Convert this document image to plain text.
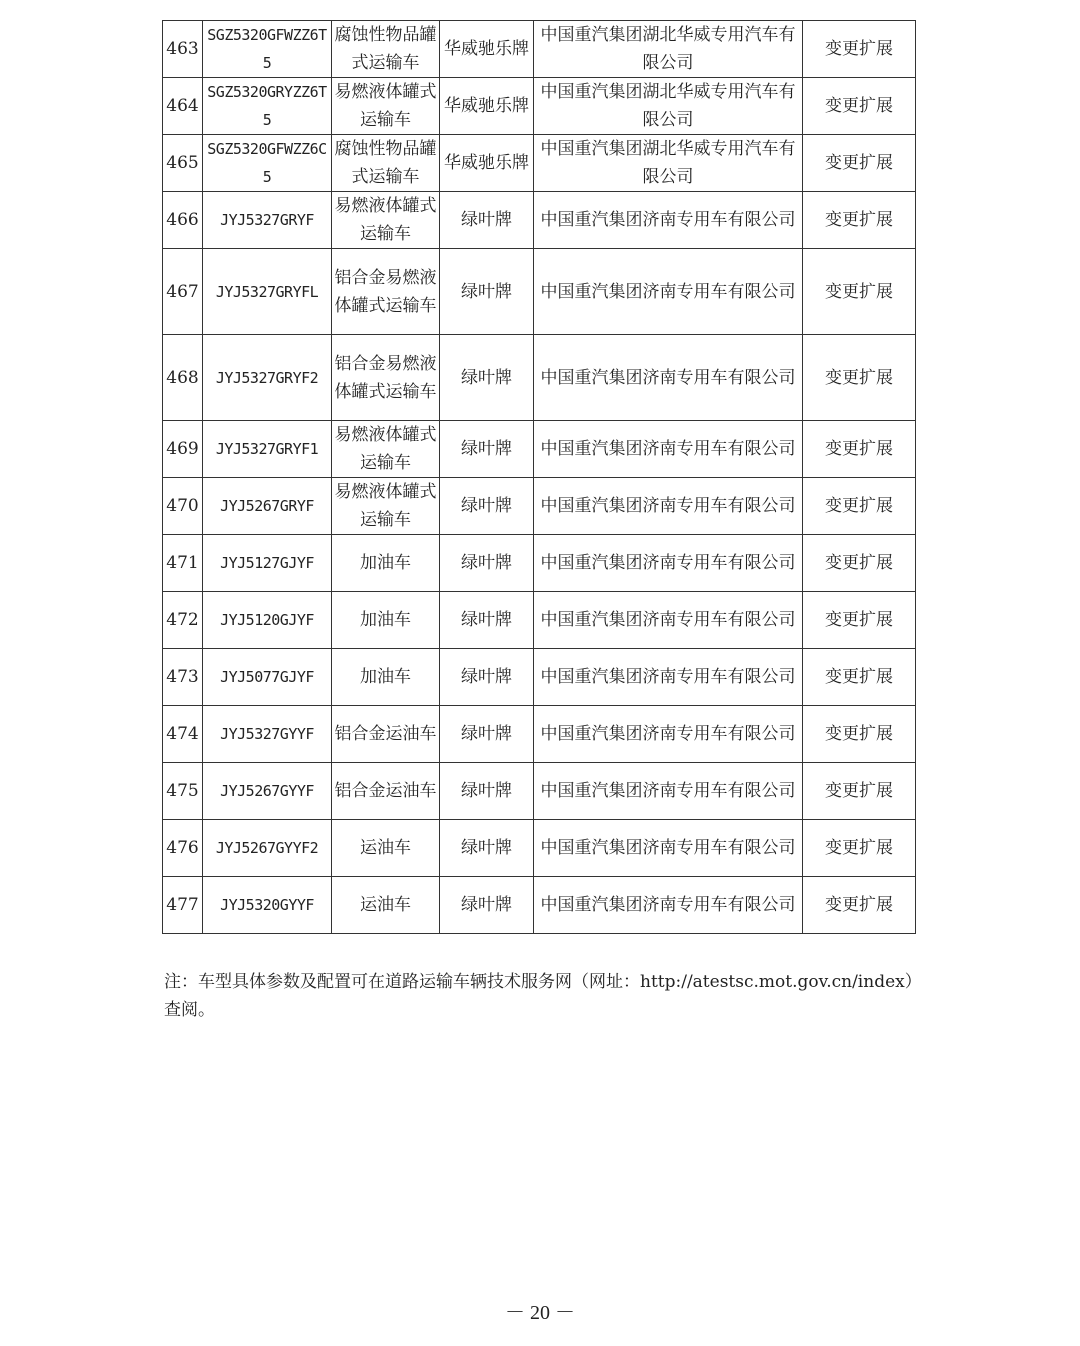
463	SGZ5320GFWZZ6T5	腐蚀性物品罐式运输车	华威驰乐牌	中国重汽集团湖北华威专用汽车有限公司	变更扩展
464	SGZ5320GRYZZ6T5	易燃液体罐式运输车	华威驰乐牌	中国重汽集团湖北华威专用汽车有限公司	变更扩展
465	SGZ5320GFWZZ6C5	腐蚀性物品罐式运输车	华威驰乐牌	中国重汽集团湖北华威专用汽车有限公司	变更扩展
466	JYJ5327GRYF	易燃液体罐式运输车	绿叶牌	中国重汽集团济南专用车有限公司	变更扩展
467	JYJ5327GRYFL	铝合金易燃液体罐式运输车	绿叶牌	中国重汽集团济南专用车有限公司	变更扩展
468	JYJ5327GRYF2	铝合金易燃液体罐式运输车	绿叶牌	中国重汽集团济南专用车有限公司	变更扩展
469	JYJ5327GRYF1	易燃液体罐式运输车	绿叶牌	中国重汽集团济南专用车有限公司	变更扩展
470	JYJ5267GRYF	易燃液体罐式运输车	绿叶牌	中国重汽集团济南专用车有限公司	变更扩展
471	JYJ5127GJYF	加油车	绿叶牌	中国重汽集团济南专用车有限公司	变更扩展
472	JYJ5120GJYF	加油车	绿叶牌	中国重汽集团济南专用车有限公司	变更扩展
473	JYJ5077GJYF	加油车	绿叶牌	中国重汽集团济南专用车有限公司	变更扩展
474	JYJ5327GYYF	铝合金运油车	绿叶牌	中国重汽集团济南专用车有限公司	变更扩展
475	JYJ5267GYYF	铝合金运油车	绿叶牌	中国重汽集团济南专用车有限公司	变更扩展
476	JYJ5267GYYF2	运油车	绿叶牌	中国重汽集团济南专用车有限公司	变更扩展
477	JYJ5320GYYF	运油车	绿叶牌	中国重汽集团济南专用车有限公司	变更扩展
注：车型具体参数及配置可在道路运输车辆技术服务网（网址：http://atestsc.mot.gov.cn/index）查阅。
－ 20 －
